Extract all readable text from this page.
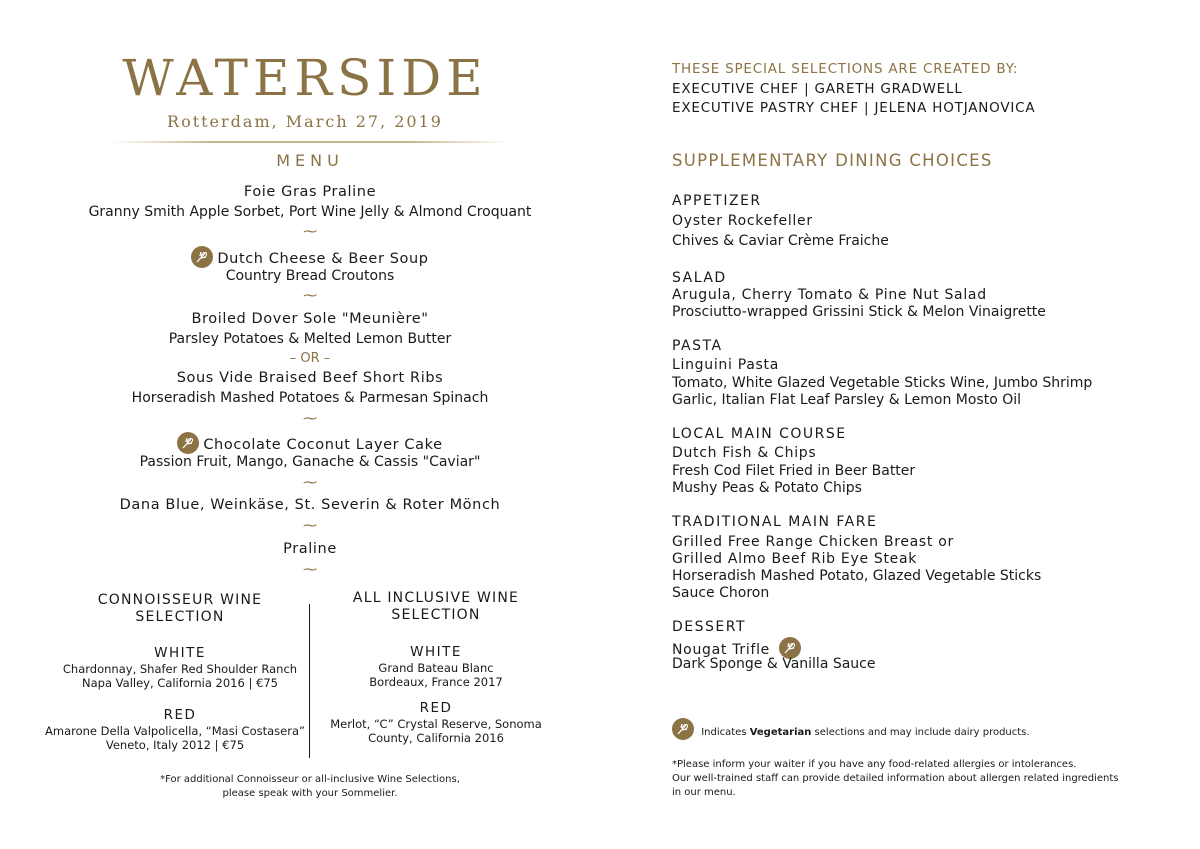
WATERSIDE
Rotterdam, March 27, 2019
MENU
Foie Gras Praline
Granny Smith Apple Sorbet, Port Wine Jelly & Almond Croquant
⁓
Dutch Cheese & Beer Soup
Country Bread Croutons
⁓
Broiled Dover Sole "Meunière"
Parsley Potatoes & Melted Lemon Butter
– OR –
Sous Vide Braised Beef Short Ribs
Horseradish Mashed Potatoes & Parmesan Spinach
⁓
Chocolate Coconut Layer Cake
Passion Fruit, Mango, Ganache & Cassis "Caviar"
⁓
Dana Blue, Weinkäse, St. Severin & Roter Mönch
⁓
Praline
⁓
CONNOISSEUR WINE
SELECTION
WHITE
Chardonnay, Shafer Red Shoulder Ranch
Napa Valley, California 2016 | €75
RED
Amarone Della Valpolicella, “Masi Costasera”
Veneto, Italy 2012 | €75
ALL INCLUSIVE WINE
SELECTION
WHITE
Grand Bateau Blanc
Bordeaux, France 2017
RED
Merlot, “C” Crystal Reserve, Sonoma
County, California 2016
*For additional Connoisseur or all-inclusive Wine Selections,
please speak with your Sommelier.
THESE SPECIAL SELECTIONS ARE CREATED BY:
EXECUTIVE CHEF | GARETH GRADWELL
EXECUTIVE PASTRY CHEF | JELENA HOTJANOVICA
SUPPLEMENTARY DINING CHOICES
APPETIZER
Oyster Rockefeller
Chives & Caviar Crème Fraiche
SALAD
Arugula, Cherry Tomato & Pine Nut Salad
Prosciutto-wrapped Grissini Stick & Melon Vinaigrette
PASTA
Linguini Pasta
Tomato, White Glazed Vegetable Sticks Wine, Jumbo Shrimp
Garlic, Italian Flat Leaf Parsley & Lemon Mosto Oil
LOCAL MAIN COURSE
Dutch Fish & Chips
Fresh Cod Filet Fried in Beer Batter
Mushy Peas & Potato Chips
TRADITIONAL MAIN FARE
Grilled Free Range Chicken Breast or
Grilled Almo Beef Rib Eye Steak
Horseradish Mashed Potato, Glazed Vegetable Sticks
Sauce Choron
DESSERT
Nougat Trifle
Dark Sponge & Vanilla Sauce
Indicates Vegetarian selections and may include dairy products.
*Please inform your waiter if you have any food-related allergies or intolerances.
Our well-trained staff can provide detailed information about allergen related ingredients
in our menu.
